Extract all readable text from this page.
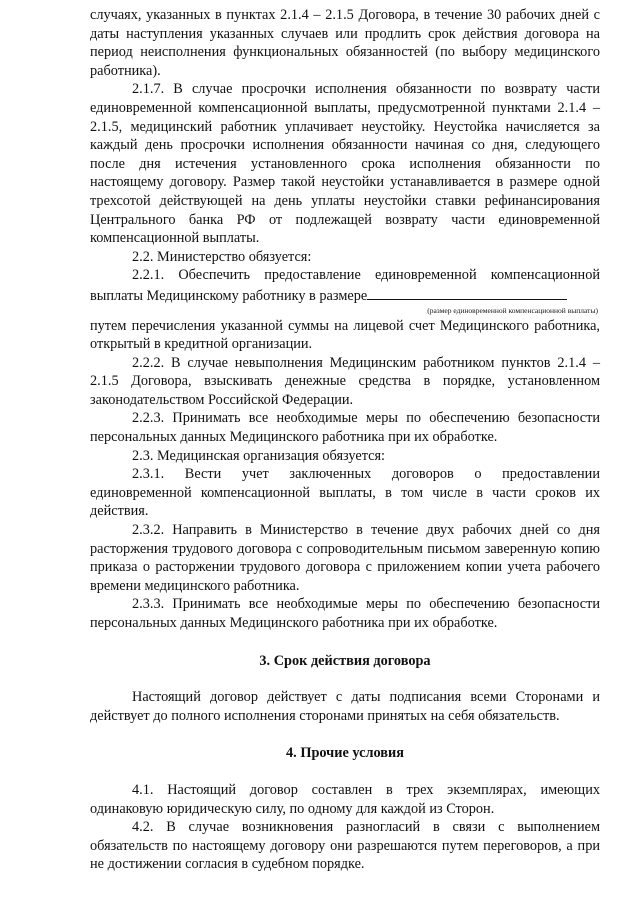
случаях, указанных в пунктах 2.1.4 – 2.1.5 Договора, в течение 30 рабочих дней с даты наступления указанных случаев или продлить срок действия договора на период неисполнения функциональных обязанностей (по выбору медицинского работника).

2.1.7. В случае просрочки исполнения обязанности по возврату части единовременной компенсационной выплаты, предусмотренной пунктами 2.1.4 –2.1.5, медицинский работник уплачивает неустойку. Неустойка начисляется за каждый день просрочки исполнения обязанности начиная со дня, следующего после дня истечения установленного срока исполнения обязанности по настоящему договору. Размер такой неустойки устанавливается в размере одной трехсотой действующей на день уплаты неустойки ставки рефинансирования Центрального банка РФ от подлежащей возврату части единовременной компенсационной выплаты.

2.2. Министерство обязуется:

2.2.1. Обеспечить предоставление единовременной компенсационной выплаты Медицинскому работнику в размере

(размер единовременной компенсационной выплаты)

путем перечисления указанной суммы на лицевой счет Медицинского работника, открытый в кредитной организации.

2.2.2. В случае невыполнения Медицинским работником пунктов 2.1.4 – 2.1.5 Договора, взыскивать денежные средства в порядке, установленном законодательством Российской Федерации.

2.2.3. Принимать все необходимые меры по обеспечению безопасности персональных данных Медицинского работника при их обработке.

2.3. Медицинская организация обязуется:

2.3.1. Вести учет заключенных договоров о предоставлении единовременной компенсационной выплаты, в том числе в части сроков их действия.

2.3.2. Направить в Министерство в течение двух рабочих дней со дня расторжения трудового договора с сопроводительным письмом заверенную копию приказа о расторжении трудового договора с приложением копии учета рабочего времени медицинского работника.

2.3.3. Принимать все необходимые меры по обеспечению безопасности персональных данных Медицинского работника при их обработке.

3. Срок действия договора

Настоящий договор действует с даты подписания всеми Сторонами и действует до полного исполнения сторонами принятых на себя обязательств.

4. Прочие условия

4.1. Настоящий договор составлен в трех экземплярах, имеющих одинаковую юридическую силу, по одному для каждой из Сторон.

4.2. В случае возникновения разногласий в связи с выполнением обязательств по настоящему договору они разрешаются путем переговоров, а при не достижении согласия в судебном порядке.
